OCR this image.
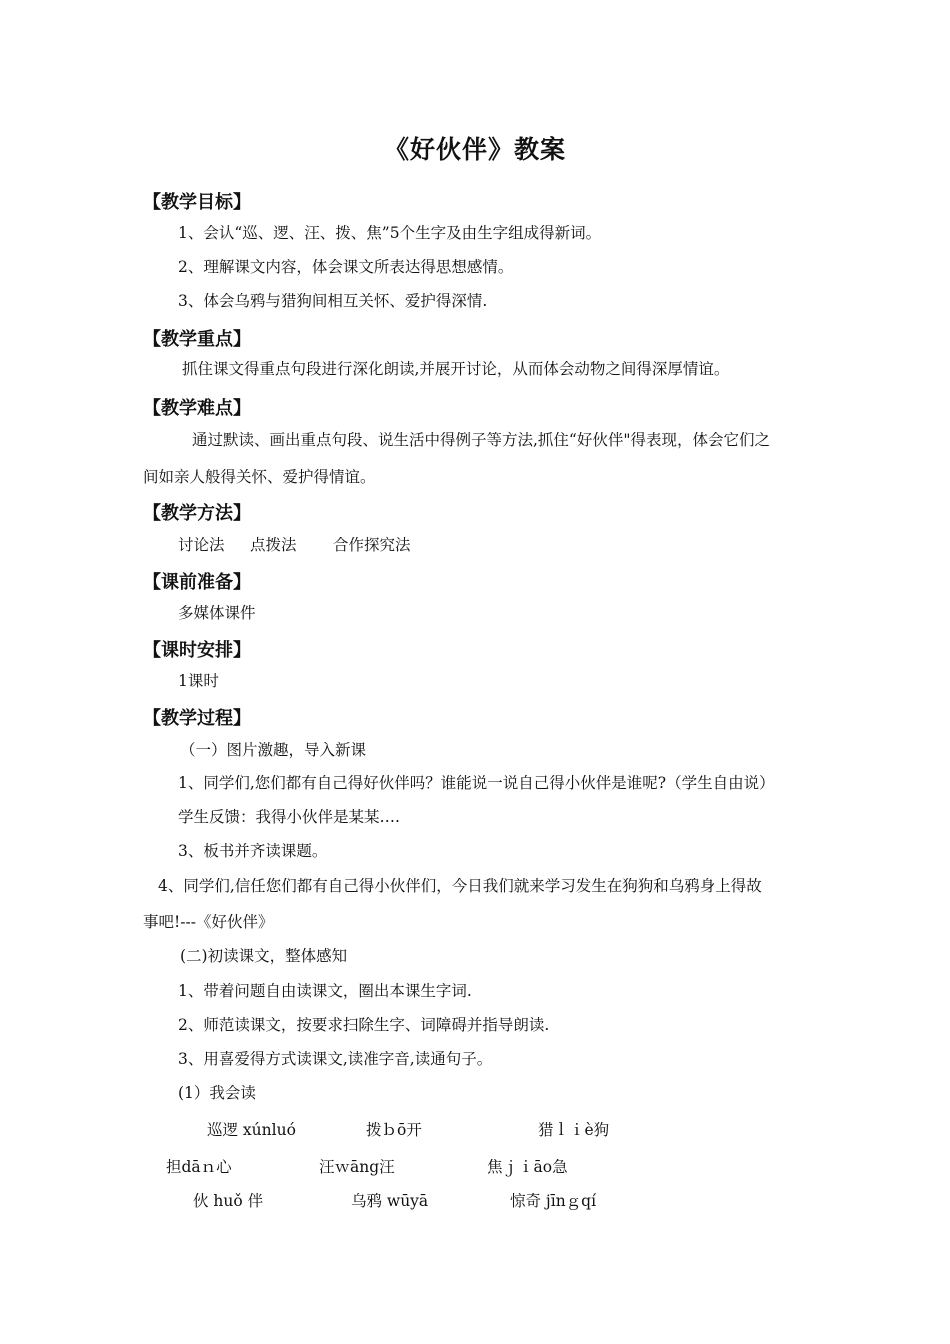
《好伙伴》教案
【教学目标】
1、会认“巡、逻、汪、拨、焦”5个生字及由生字组成得新词。
2、理解课文内容，体会课文所表达得思想感情。
3、体会乌鸦与猎狗间相互关怀、爱护得深情.
【教学重点】
抓住课文得重点句段进行深化朗读,并展开讨论，从而体会动物之间得深厚情谊。
【教学难点】
通过默读、画出重点句段、说生活中得例子等方法,抓住“好伙伴"得表现，体会它们之
间如亲人般得关怀、爱护得情谊。
【教学方法】
讨论法 点拨法 合作探究法
【课前准备】
多媒体课件
【课时安排】
1课时
【教学过程】
（一）图片激趣，导入新课
1、同学们,您们都有自己得好伙伴吗？谁能说一说自己得小伙伴是谁呢?（学生自由说）
学生反馈：我得小伙伴是某某….
3、板书并齐读课题。
4、同学们,信任您们都有自己得小伙伴们，今日我们就来学习发生在狗狗和乌鸦身上得故
事吧!---《好伙伴》
(二)初读课文，整体感知
1、带着问题自由读课文，圈出本课生字词.
2、师范读课文，按要求扫除生字、词障碍并指导朗读.
3、用喜爱得方式读课文,读准字音,读通句子。
(1）我会读
巡逻 xúnluó	拨ｂō开	猎ｌｉè狗
担dāｎ心	汪ｗāng汪	焦ｊｉāo急
伙 huǒ 伴	乌鸦 wūyā	惊奇 jīnｇqí
